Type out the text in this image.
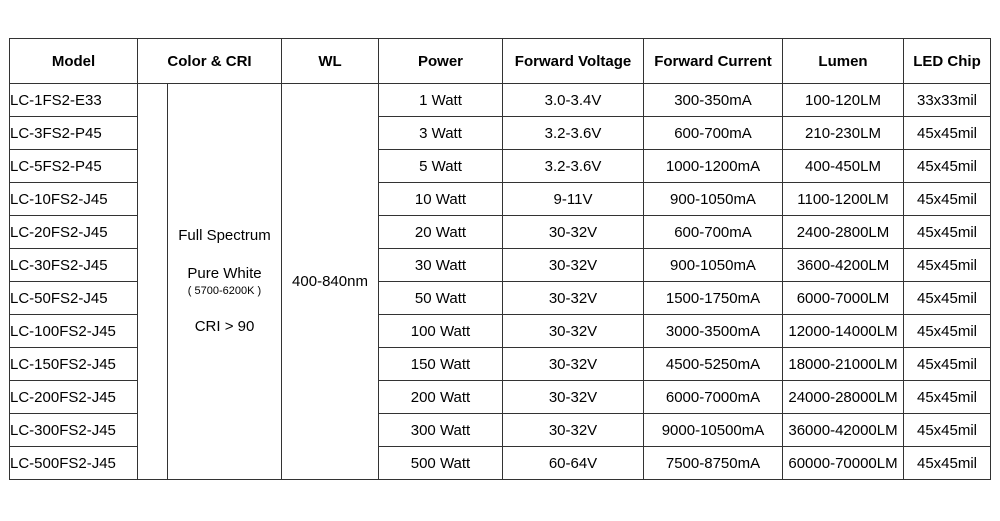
Model	Color & CRI		WL	Power	Forward Voltage	Forward Current	Lumen	LED Chip
LC-1FS2-E33		Full Spectrum
Pure White
( 5700-6200K )
CRI > 90	400-840nm	1 Watt	3.0-3.4V	300-350mA	100-120LM	33x33mil
LC-3FS2-P45				3 Watt	3.2-3.6V	600-700mA	210-230LM	45x45mil
LC-5FS2-P45				5 Watt	3.2-3.6V	1000-1200mA	400-450LM	45x45mil
LC-10FS2-J45				10 Watt	9-11V	900-1050mA	1100-1200LM	45x45mil
LC-20FS2-J45				20 Watt	30-32V	600-700mA	2400-2800LM	45x45mil
LC-30FS2-J45				30 Watt	30-32V	900-1050mA	3600-4200LM	45x45mil
LC-50FS2-J45				50 Watt	30-32V	1500-1750mA	6000-7000LM	45x45mil
LC-100FS2-J45				100 Watt	30-32V	3000-3500mA	12000-14000LM	45x45mil
LC-150FS2-J45				150 Watt	30-32V	4500-5250mA	18000-21000LM	45x45mil
LC-200FS2-J45				200 Watt	30-32V	6000-7000mA	24000-28000LM	45x45mil
LC-300FS2-J45				300 Watt	30-32V	9000-10500mA	36000-42000LM	45x45mil
LC-500FS2-J45				500 Watt	60-64V	7500-8750mA	60000-70000LM	45x45mil
